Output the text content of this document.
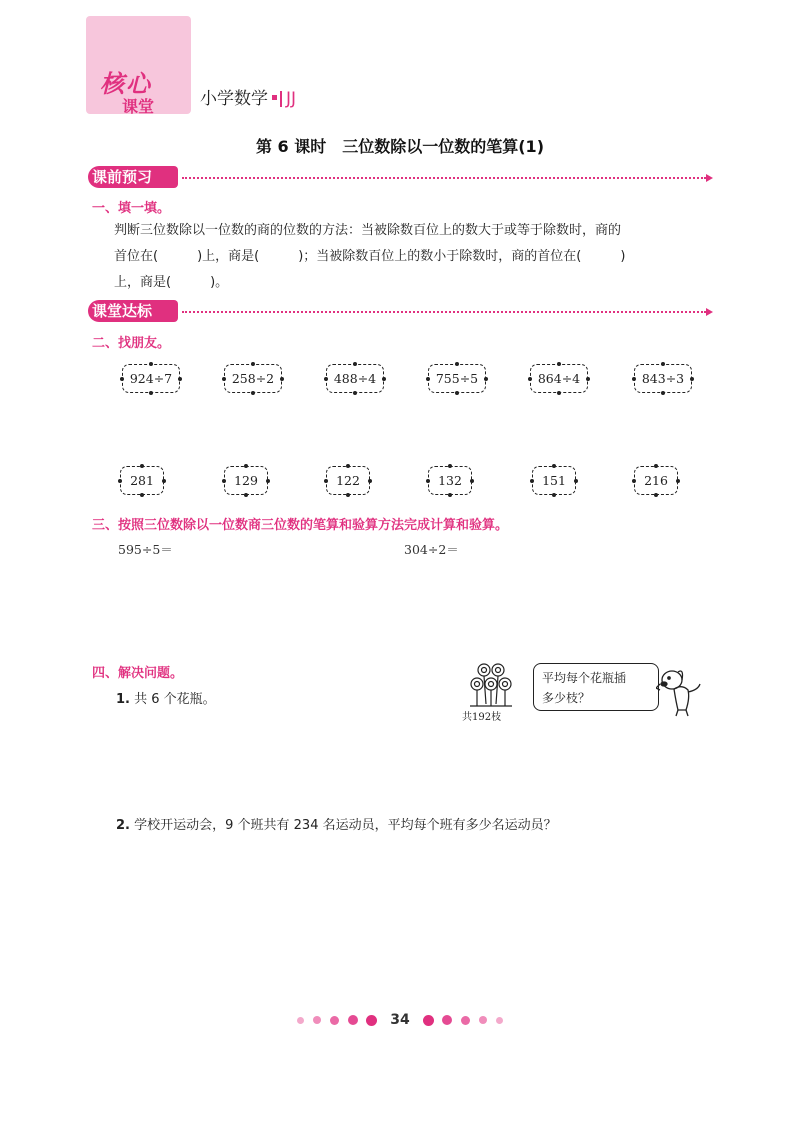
核心
课堂	小学数学 JJ
第 6 课时　三位数除以一位数的笔算(1)
课前预习
一、填一填。
判断三位数除以一位数的商的位数的方法：当被除数百位上的数大于或等于除数时，商的
首位在(　　　)上，商是(　　　)；当被除数百位上的数小于除数时，商的首位在(　　　)
上，商是(　　　)。
课堂达标
二、找朋友。
924÷7	258÷2	488÷4	755÷5	864÷4	843÷3
281	129	122	132	151	216
三、按照三位数除以一位数商三位数的笔算和验算方法完成计算和验算。
595÷5＝	304÷2＝
四、解决问题。
1. 共 6 个花瓶。
共192枝
平均每个花瓶插
多少枝？
2. 学校开运动会，9 个班共有 234 名运动员，平均每个班有多少名运动员？
34
